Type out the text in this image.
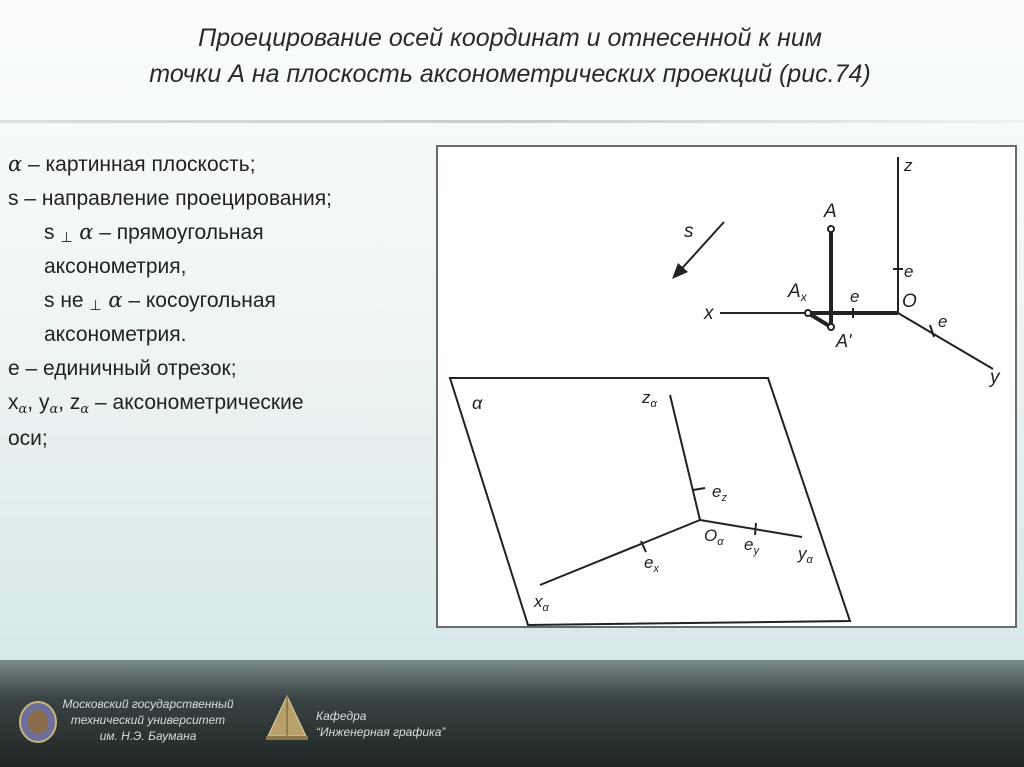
Проецирование осей координат и отнесенной к ним
точки А на плоскость аксонометрических проекций (рис.74)
α – картинная плоскость;
s – направление проецирования;
s ⊥ α – прямоугольная
аксонометрия,
s не ⊥ α – косоугольная
аксонометрия.
е – единичный отрезок;
$x_\alpha$, $y_\alpha$, $z_\alpha$ – аксонометрические
оси;
z
e
O
e
e
y
x
A
$A_x$
A'
s
α	$z_\alpha$
$e_z$
$O_\alpha$ $e_y$ $y_\alpha$
$e_x$
$x_\alpha$
Московский государственный
технический университет
им. Н.Э. Баумана
Кафедра
“Инженерная графика”
